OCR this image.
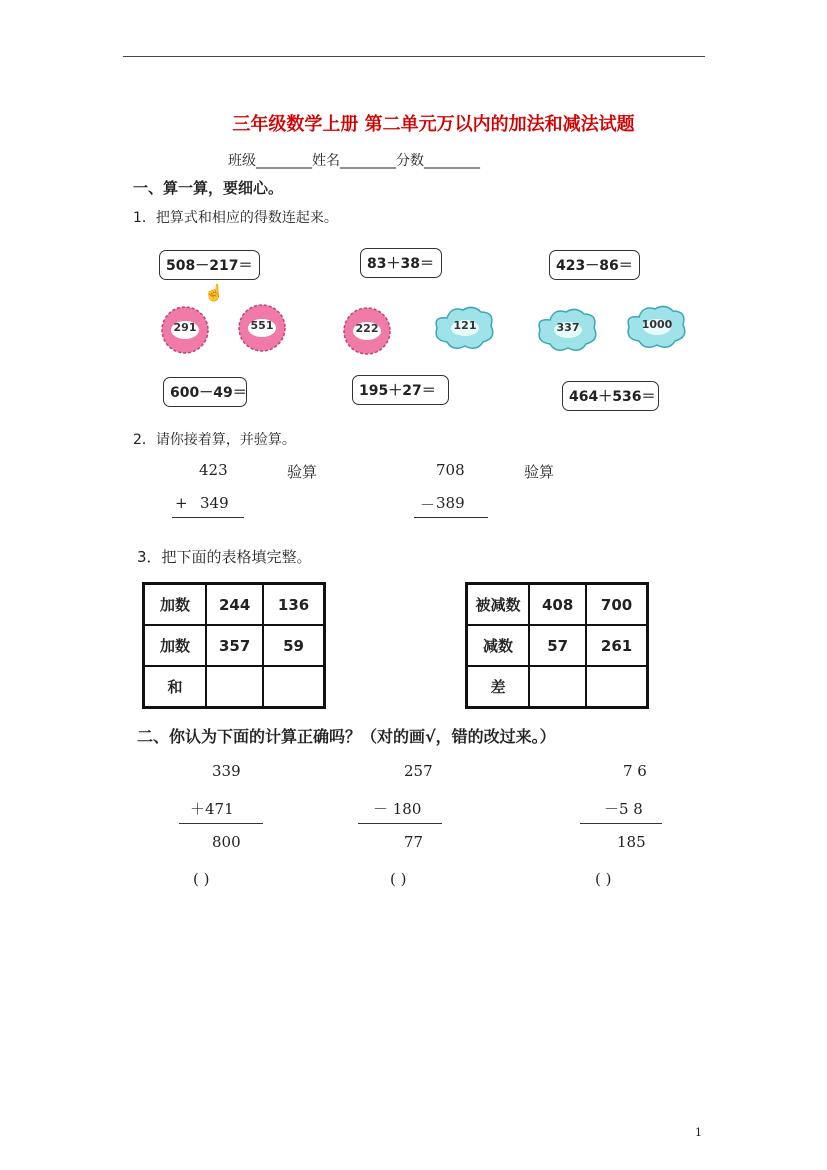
三年级数学上册 第二单元万以内的加法和减法试题
班级________姓名________分数________
一、算一算，要细心。
1．把算式和相应的得数连起来。
508－217＝	83＋38＝	423－86＝
☝
291	551	222	121	337	1000
600－49＝	195＋27＝	464＋536＝
2．请你接着算，并验算。
423	验算
+ 349
708	验算
－ 389
3．把下面的表格填完整。
加数	244	136
加数	357	59
和		
被减数	408	700
减数	57	261
差		
二、你认为下面的计算正确吗？（对的画√，错的改过来。）
339
＋471
800
( )
257
－ 180
77
( )
7 6
－5 8
185
( )
1
